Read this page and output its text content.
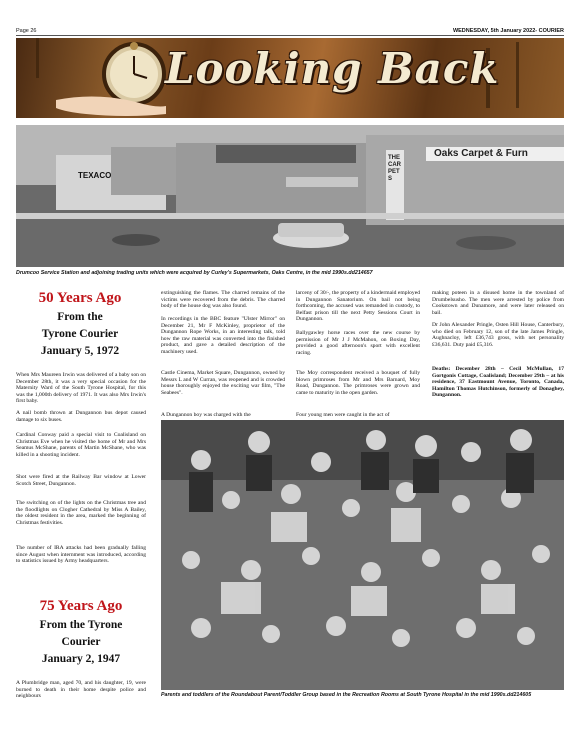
Page 26	WEDNESDAY, 5th January 2022- COURIER
Looking Back
TEXACO
Oaks Carpet & Furn
THE CARPETS
Drumcoo Service Station and adjoining trading units which were acquired by Curley's Supermarkets, Oaks Centre, in the mid 1990s.dd214657
50 Years Ago
From the
Tyrone Courier
January 5, 1972
When Mrs Maureen Irwin was delivered of a baby son on December 28th, it was a very special occasion for the Maternity Ward of the South Tyrone Hospital, for this was the 1,000th delivery of 1971. It was also Mrs Irwin's first baby.
A nail bomb thrown at Dungannon bus depot caused damage to six buses.
Cardinal Conway paid a special visit to Coalisland on Christmas Eve when he visited the home of Mr and Mrs Seamus McShane, parents of Martin McShane, who was killed in a shooting incident.
Shot were fired at the Railway Bar window at Lower Scotch Street, Dungannon.
The switching on of the lights on the Christmas tree and the floodlights on Clogher Cathedral by Miss A Bailey, the oldest resident in the area, marked the beginning of Christmas festivities.
The number of IRA attacks had been gradually falling since August when internment was introduced, according to statistics issued by Army headquarters.
75 Years Ago
From the Tyrone
Courier
January 2, 1947
A Plumbridge man, aged 70, and his daughter, 19, were burned to death in their home despite police and neighbours
extinguishing the flames. The charred remains of the victims were recovered from the debris. The charred body of the house dog was also found.
In recordings in the BBC feature "Ulster Mirror" on December 21, Mr F McKinley, proprietor of the Dungannon Rope Works, in an interesting talk, told how the raw material was converted into the finished product, and gave a detailed description of the machinery used.
Castle Cinema, Market Square, Dungannon, owned by Messrs L and W Curran, was reopened and is crowded house thoroughly enjoyed the exciting war film, "The Seabees".
A Dungannon boy was charged with the
larceny of 30/-, the property of a kindermaid employed in Dungannon Sanatorium. On bail not being forthcoming, the accused was remanded in custody, to Belfast prison till the next Petty Sessions Court in Dungannon.
Ballygawley horse races over the new course by permission of Mr J J McMahon, on Boxing Day, provided a good afternoon's sport with excellent racing.
The Moy correspondent received a bouquet of fully blown primroses from Mr and Mrs Barnard, Moy Road, Dungannon. The primroses were grown and came to maturity in the open garden.
Four young men were caught in the act of
making poteen in a disused home in the townland of Drumbelsusho. The men were arrested by police from Cookstown and Dunamore, and were later released on bail.
Dr John Alexander Pringle, Osten Hill House, Canterbury, who died on February 12, son of the late James Pringle, Aughnacloy, left £36,743 gross, with net personality £36,631. Duty paid £5,316.
Deaths: December 28th – Cecil McMullan, 17 Gortgonis Cottage, Coalisland; December 29th – at his residence, 37 Eastmount Avenue, Toronto, Canada, Hamilton Thomas Hutchinson, formerly of Donaghey, Dungannon.
Parents and toddlers of the Roundabout Parent/Toddler Group based in the Recreation Rooms at South Tyrone Hospital in the mid 1990s.dd214605
